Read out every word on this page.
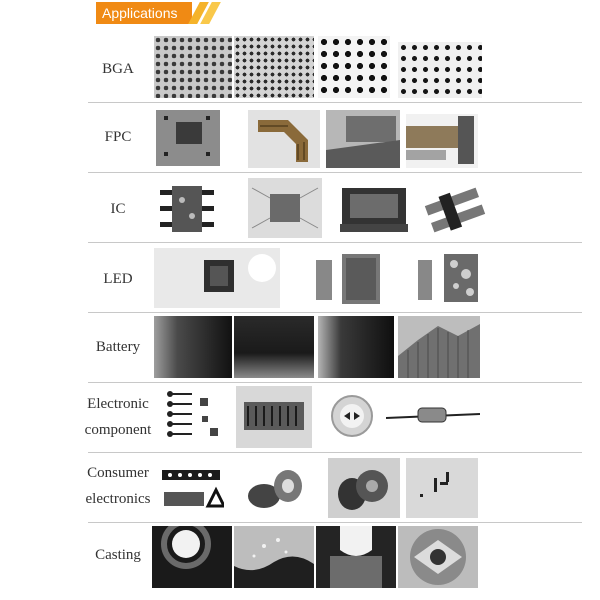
Applications
BGA
FPC
IC
LED
Battery
Electronic
component
Consumer
electronics
Casting
